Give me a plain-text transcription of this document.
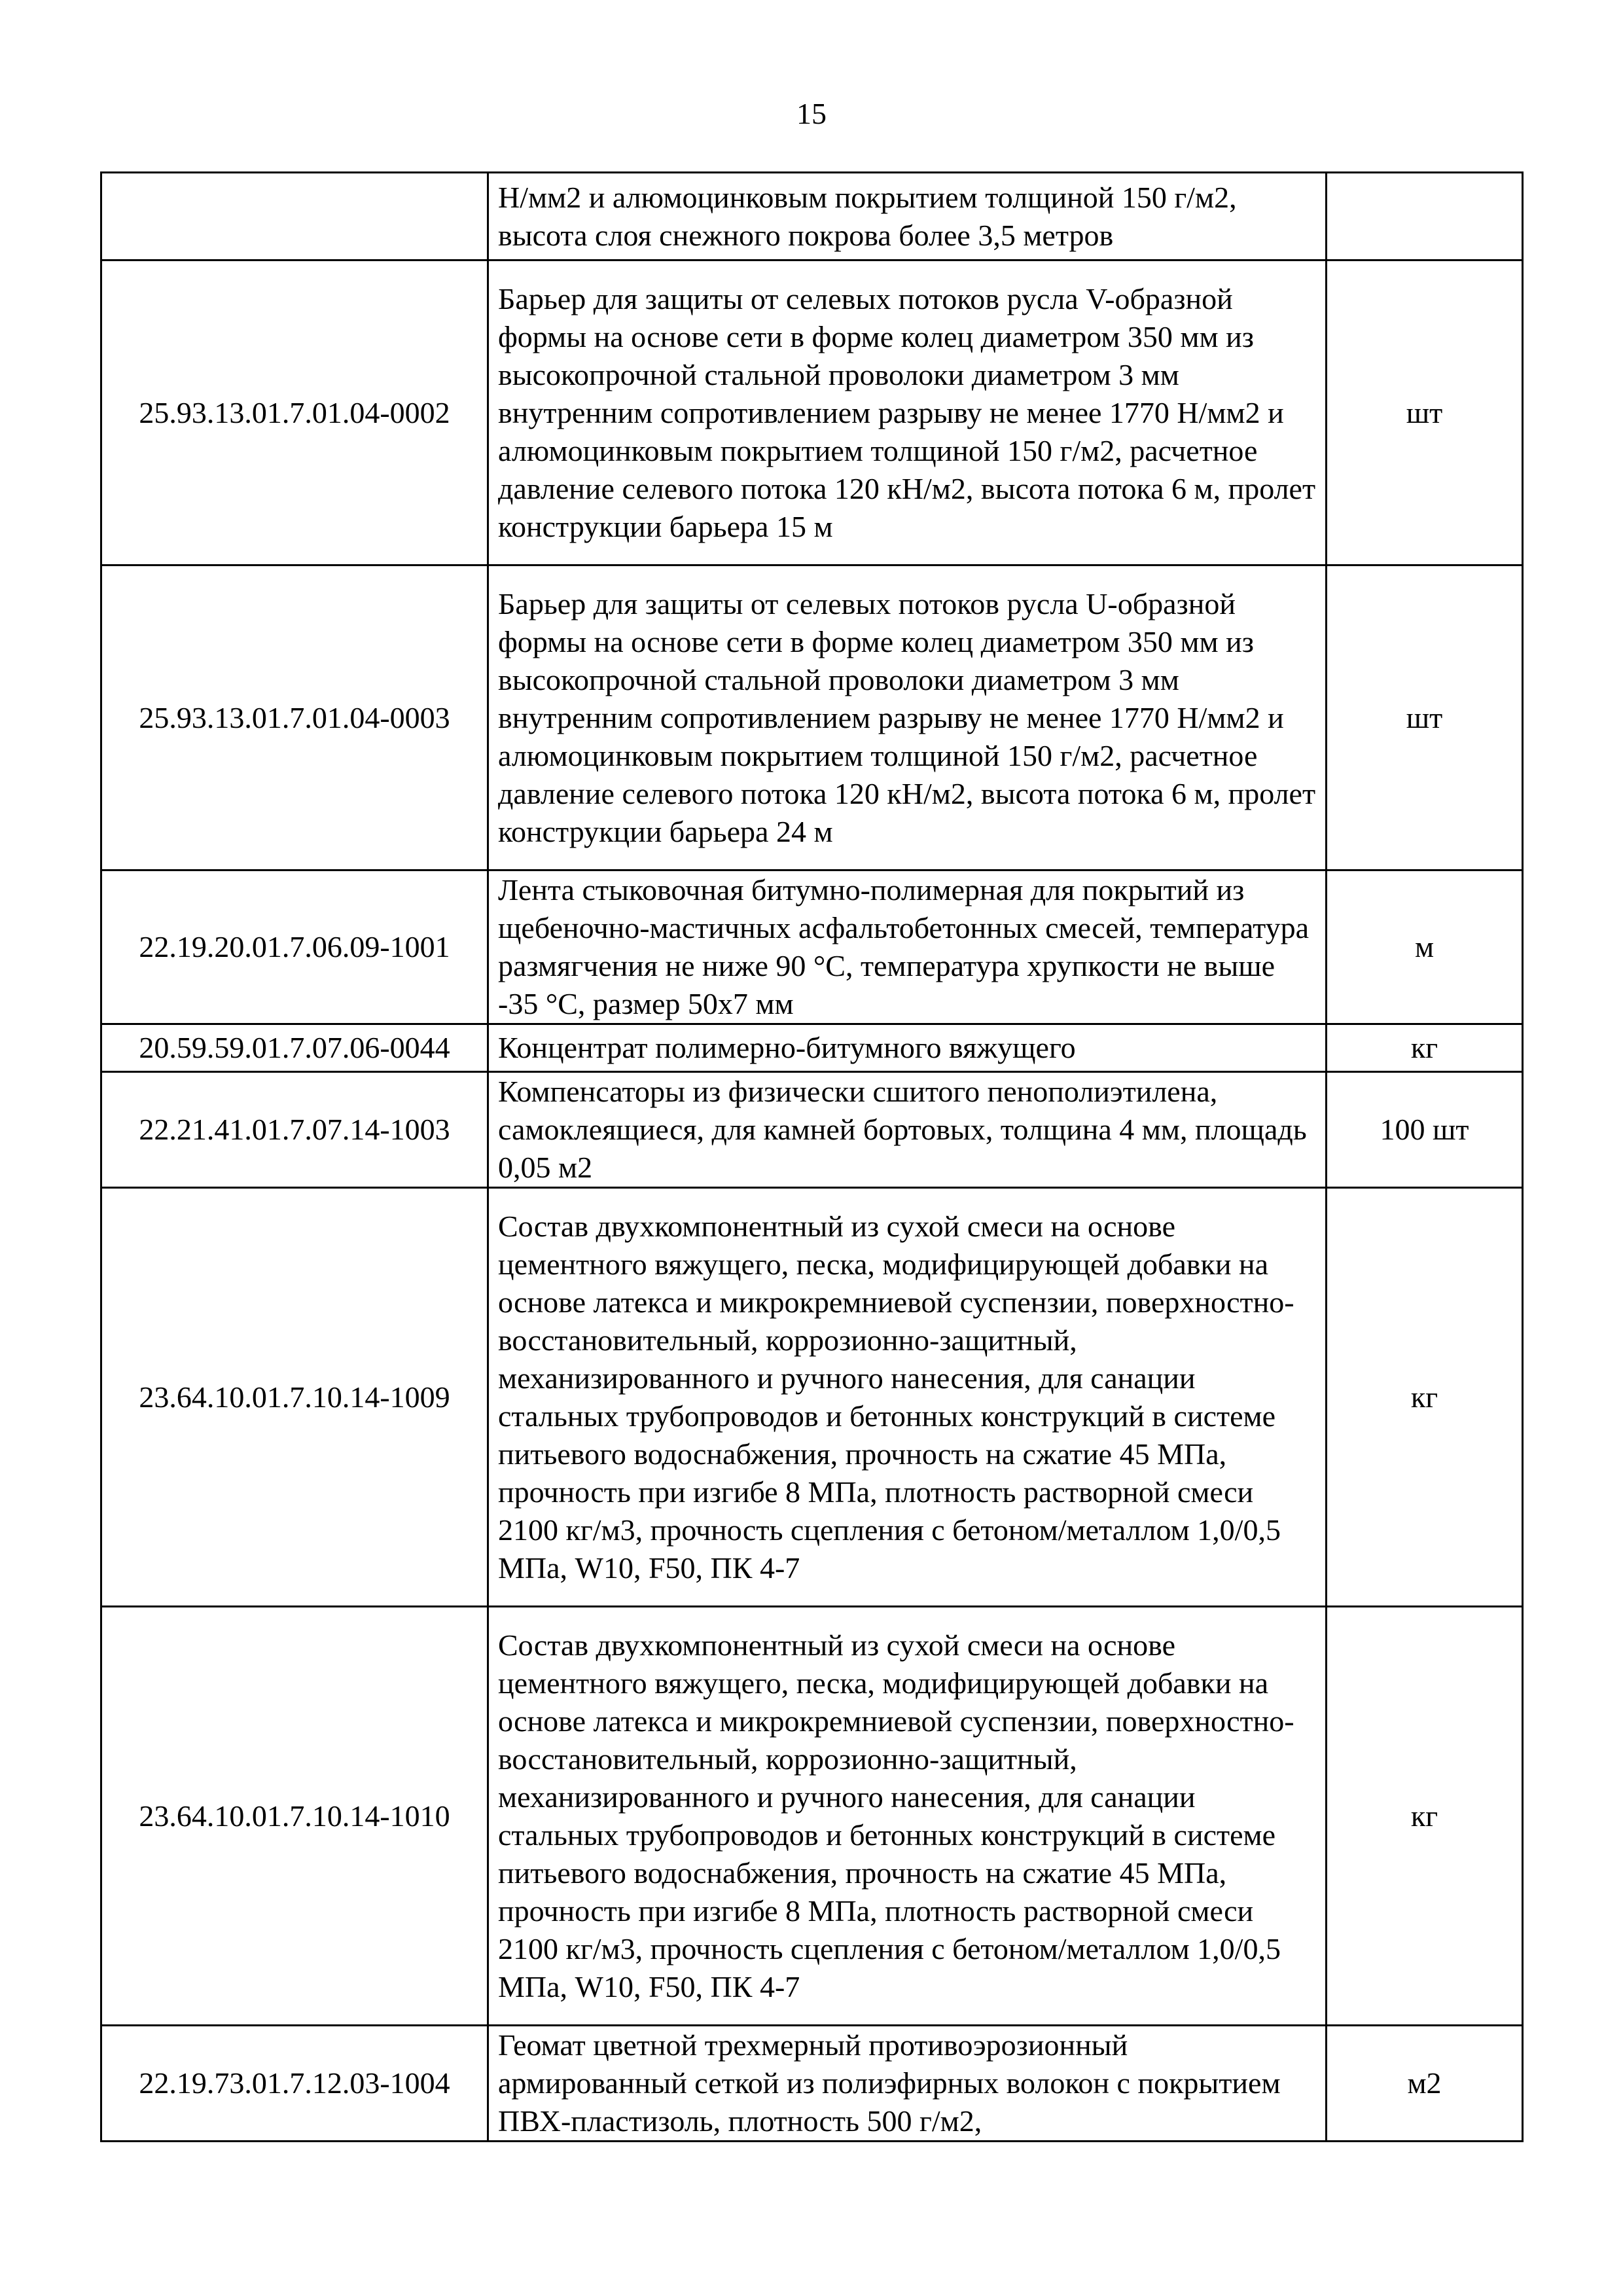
15
	Н/мм2 и алюмоцинковым покрытием толщиной 150 г/м2, высота слоя снежного покрова более 3,5 метров	
25.93.13.01.7.01.04-0002	Барьер для защиты от селевых потоков русла V-образной формы на основе сети в форме колец диаметром 350 мм из высокопрочной стальной проволоки диаметром 3 мм внутренним сопротивлением разрыву не менее 1770 Н/мм2 и алюмоцинковым покрытием толщиной 150 г/м2, расчетное давление селевого потока 120 кН/м2, высота потока 6 м, пролет конструкции барьера 15 м	шт
25.93.13.01.7.01.04-0003	Барьер для защиты от селевых потоков русла U-образной формы на основе сети в форме колец диаметром 350 мм из высокопрочной стальной проволоки диаметром 3 мм внутренним сопротивлением разрыву не менее 1770 Н/мм2 и алюмоцинковым покрытием толщиной 150 г/м2, расчетное давление селевого потока 120 кН/м2, высота потока 6 м, пролет конструкции барьера 24 м	шт
22.19.20.01.7.06.09-1001	Лента стыковочная битумно-полимерная для покрытий из щебеночно-мастичных асфальтобетонных смесей, температура размягчения не ниже 90 °С, температура хрупкости не выше -35 °С, размер 50x7 мм	м
20.59.59.01.7.07.06-0044	Концентрат полимерно-битумного вяжущего	кг
22.21.41.01.7.07.14-1003	Компенсаторы из физически сшитого пенополиэтилена, самоклеящиеся, для камней бортовых, толщина 4 мм, площадь 0,05 м2	100 шт
23.64.10.01.7.10.14-1009	Состав двухкомпонентный из сухой смеси на основе цементного вяжущего, песка, модифицирующей добавки на основе латекса и микрокремниевой суспензии, поверхностно-восстановительный, коррозионно-защитный, механизированного и ручного нанесения, для санации стальных трубопроводов и бетонных конструкций в системе питьевого водоснабжения, прочность на сжатие 45 МПа, прочность при изгибе 8 МПа, плотность растворной смеси 2100 кг/м3, прочность сцепления с бетоном/металлом 1,0/0,5 МПа, W10, F50, ПК 4-7	кг
23.64.10.01.7.10.14-1010	Состав двухкомпонентный из сухой смеси на основе цементного вяжущего, песка, модифицирующей добавки на основе латекса и микрокремниевой суспензии, поверхностно-восстановительный, коррозионно-защитный, механизированного и ручного нанесения, для санации стальных трубопроводов и бетонных конструкций в системе питьевого водоснабжения, прочность на сжатие 45 МПа, прочность при изгибе 8 МПа, плотность растворной смеси 2100 кг/м3, прочность сцепления с бетоном/металлом 1,0/0,5 МПа, W10, F50, ПК 4-7	кг
22.19.73.01.7.12.03-1004	Геомат цветной трехмерный противоэрозионный армированный сеткой из полиэфирных волокон с покрытием ПВХ-пластизоль, плотность 500 г/м2,	м2
